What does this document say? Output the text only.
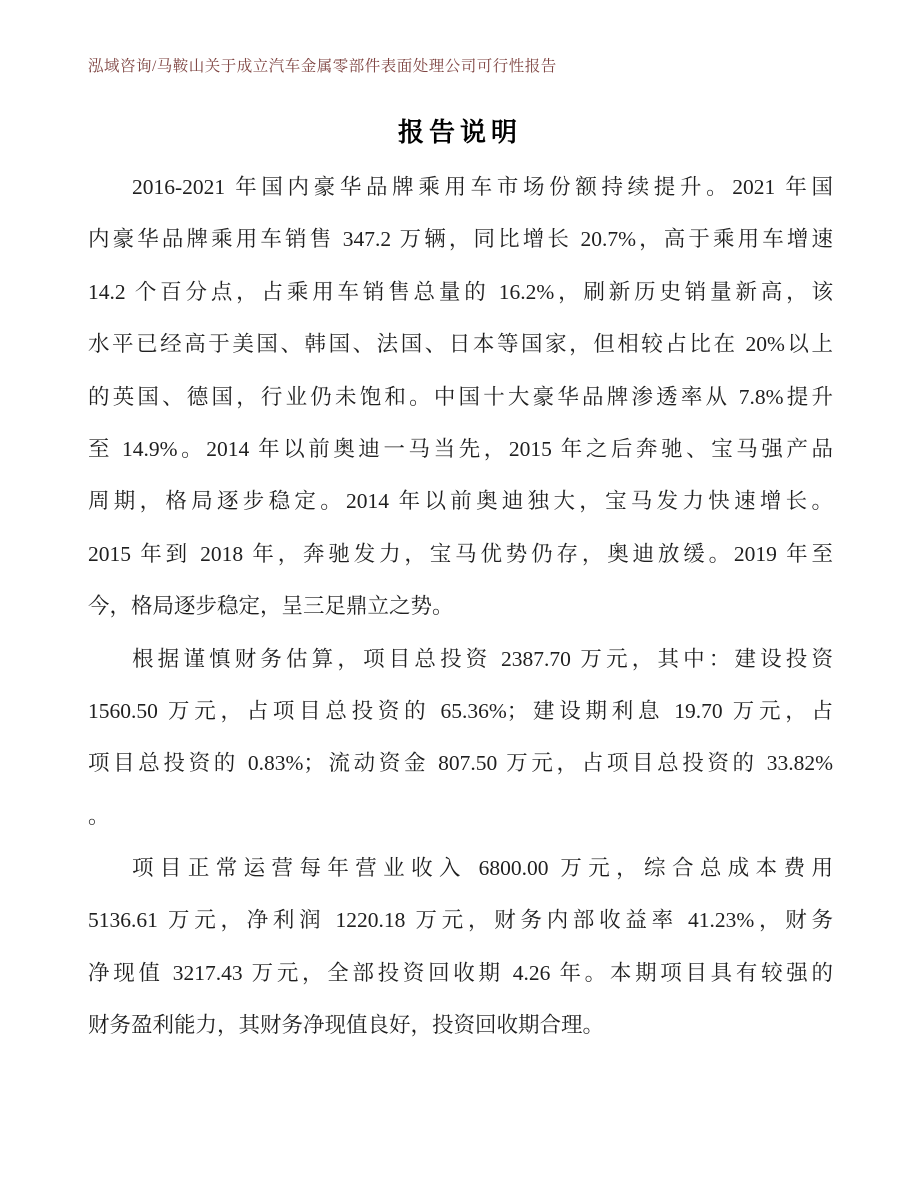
泓域咨询/马鞍山关于成立汽车金属零部件表面处理公司可行性报告
报告说明
2016-2021 年国内豪华品牌乘用车市场份额持续提升。2021 年国
内豪华品牌乘用车销售 347.2 万辆，同比增长 20.7%，高于乘用车增速
14.2 个百分点，占乘用车销售总量的 16.2%，刷新历史销量新高，该
水平已经高于美国、韩国、法国、日本等国家，但相较占比在 20%以上
的英国、德国，行业仍未饱和。中国十大豪华品牌渗透率从 7.8%提升
至 14.9%。2014 年以前奥迪一马当先，2015 年之后奔驰、宝马强产品
周期，格局逐步稳定。2014 年以前奥迪独大，宝马发力快速增长。
2015 年到 2018 年，奔驰发力，宝马优势仍存，奥迪放缓。2019 年至
今，格局逐步稳定，呈三足鼎立之势。
根据谨慎财务估算，项目总投资 2387.70 万元，其中：建设投资
1560.50 万元，占项目总投资的 65.36%；建设期利息 19.70 万元，占
项目总投资的 0.83%；流动资金 807.50 万元，占项目总投资的 33.82%
。
项目正常运营每年营业收入 6800.00 万元，综合总成本费用
5136.61 万元，净利润 1220.18 万元，财务内部收益率 41.23%，财务
净现值 3217.43 万元，全部投资回收期 4.26 年。本期项目具有较强的
财务盈利能力，其财务净现值良好，投资回收期合理。
